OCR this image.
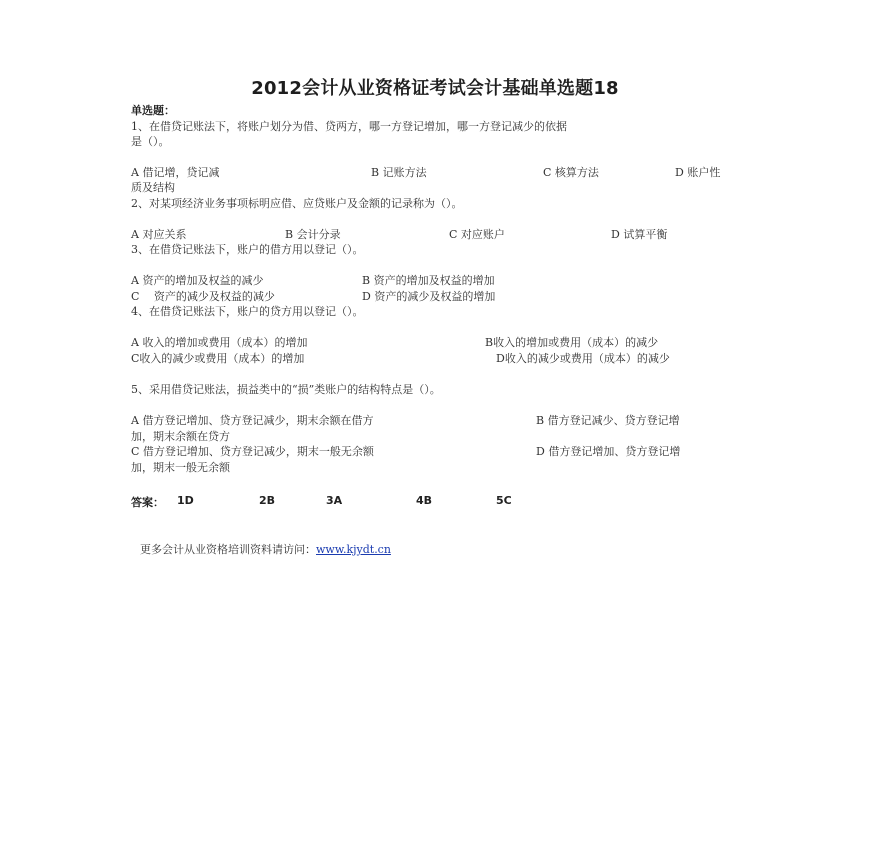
2012会计从业资格证考试会计基础单选题18
单选题：
1、在借贷记账法下，将账户划分为借、贷两方，哪一方登记增加，哪一方登记减少的依据
是（）。
A 借记增，贷记减	B 记账方法	C 核算方法	D 账户性
质及结构
2、对某项经济业务事项标明应借、应贷账户及金额的记录称为（）。
A 对应关系	B 会计分录	C 对应账户	D 试算平衡
3、在借贷记账法下，账户的借方用以登记（）。
A 资产的增加及权益的减少	B 资产的增加及权益的增加
C　 资产的减少及权益的减少	D 资产的减少及权益的增加
4、在借贷记账法下，账户的贷方用以登记（）。
A 收入的增加或费用（成本）的增加	B收入的增加或费用（成本）的减少
C收入的减少或费用（成本）的增加	D收入的减少或费用（成本）的减少
5、采用借贷记账法，损益类中的“损”类账户的结构特点是（）。
A 借方登记增加、贷方登记减少，期末余额在借方	B 借方登记减少、贷方登记增
加，期末余额在贷方
C 借方登记增加、贷方登记减少，期末一般无余额	D 借方登记增加、贷方登记增
加，期末一般无余额
答案： 1D	2B	3A	4B	5C
更多会计从业资格培训资料请访问：www.kjydt.cn
